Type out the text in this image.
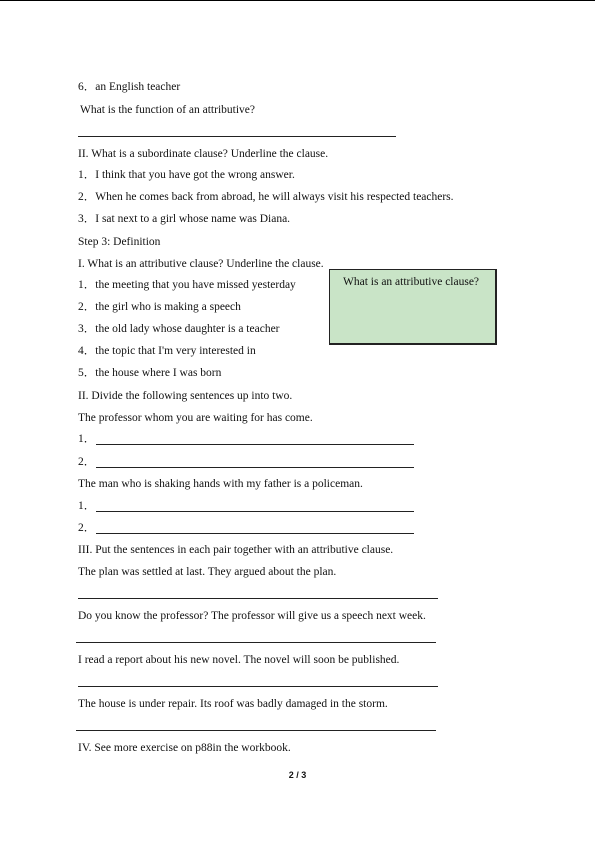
6．an English teacher
What is the function of an attributive?
II. What is a subordinate clause? Underline the clause.
1．I think that you have got the wrong answer.
2．When he comes back from abroad, he will always visit his respected teachers.
3．I sat next to a girl whose name was Diana.
Step 3: Definition
I. What is an attributive clause? Underline the clause.
1．the meeting that you have missed yesterday
2．the girl who is making a speech
3．the old lady whose daughter is a teacher
4．the topic that I'm very interested in
5．the house where I was born
What is an attributive clause?
II. Divide the following sentences up into two.
The professor whom you are waiting for has come.
1．
2．
The man who is shaking hands with my father is a policeman.
1．
2．
III. Put the sentences in each pair together with an attributive clause.
The plan was settled at last. They argued about the plan.
Do you know the professor? The professor will give us a speech next week.
I read a report about his new novel. The novel will soon be published.
The house is under repair. Its roof was badly damaged in the storm.
IV. See more exercise on p88in the workbook.
2 / 3
